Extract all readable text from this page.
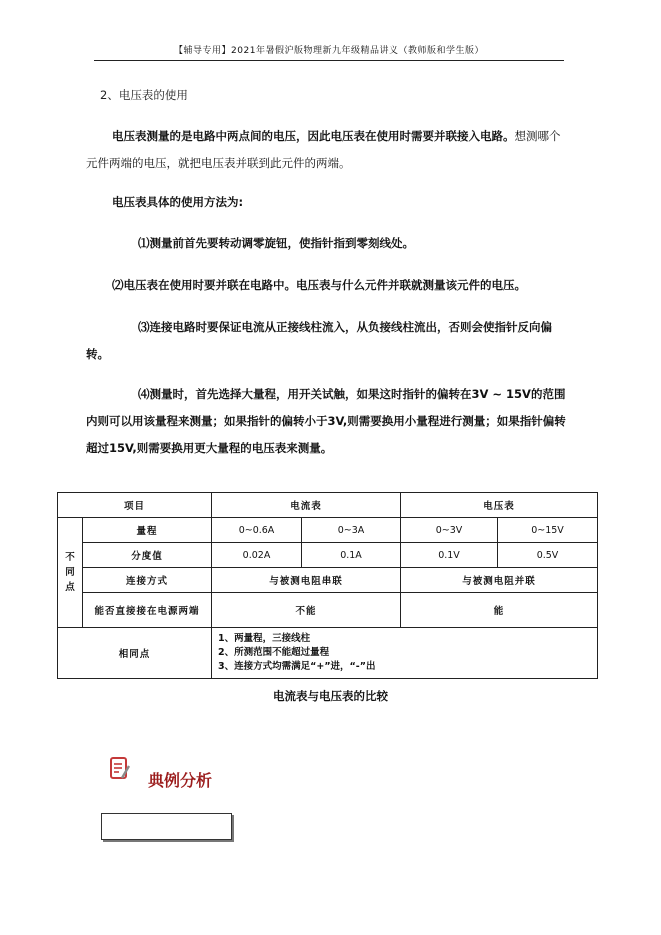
【辅导专用】2021年暑假沪版物理新九年级精品讲义（教师版和学生版）
2、电压表的使用
电压表测量的是电路中两点间的电压，因此电压表在使用时需要并联接入电路。想测哪个元件两端的电压，就把电压表并联到此元件的两端。
电压表具体的使用方法为:
⑴测量前首先要转动调零旋钮，使指针指到零刻线处。
⑵电压表在使用时要并联在电路中。电压表与什么元件并联就测量该元件的电压。
⑶连接电路时要保证电流从正接线柱流入，从负接线柱流出，否则会使指针反向偏转。
⑷测量时，首先选择大量程，用开关试触，如果这时指针的偏转在3V ~ 15V的范围内则可以用该量程来测量；如果指针的偏转小于3V,则需要换用小量程进行测量；如果指针偏转超过15V,则需要换用更大量程的电压表来测量。
项目		电流表		电压表	
不同点	量程	0~0.6A	0~3A	0~3V	0~15V
	分度值	0.02A	0.1A	0.1V	0.5V
	连接方式	与被测电阻串联		与被测电阻并联	
	能否直接接在电源两端	不能		能	
相同点		1、两量程，三接线柱
2、所测范围不能超过量程
3、连接方式均需满足“+”进，“-”出			
电流表与电压表的比较
典例分析
